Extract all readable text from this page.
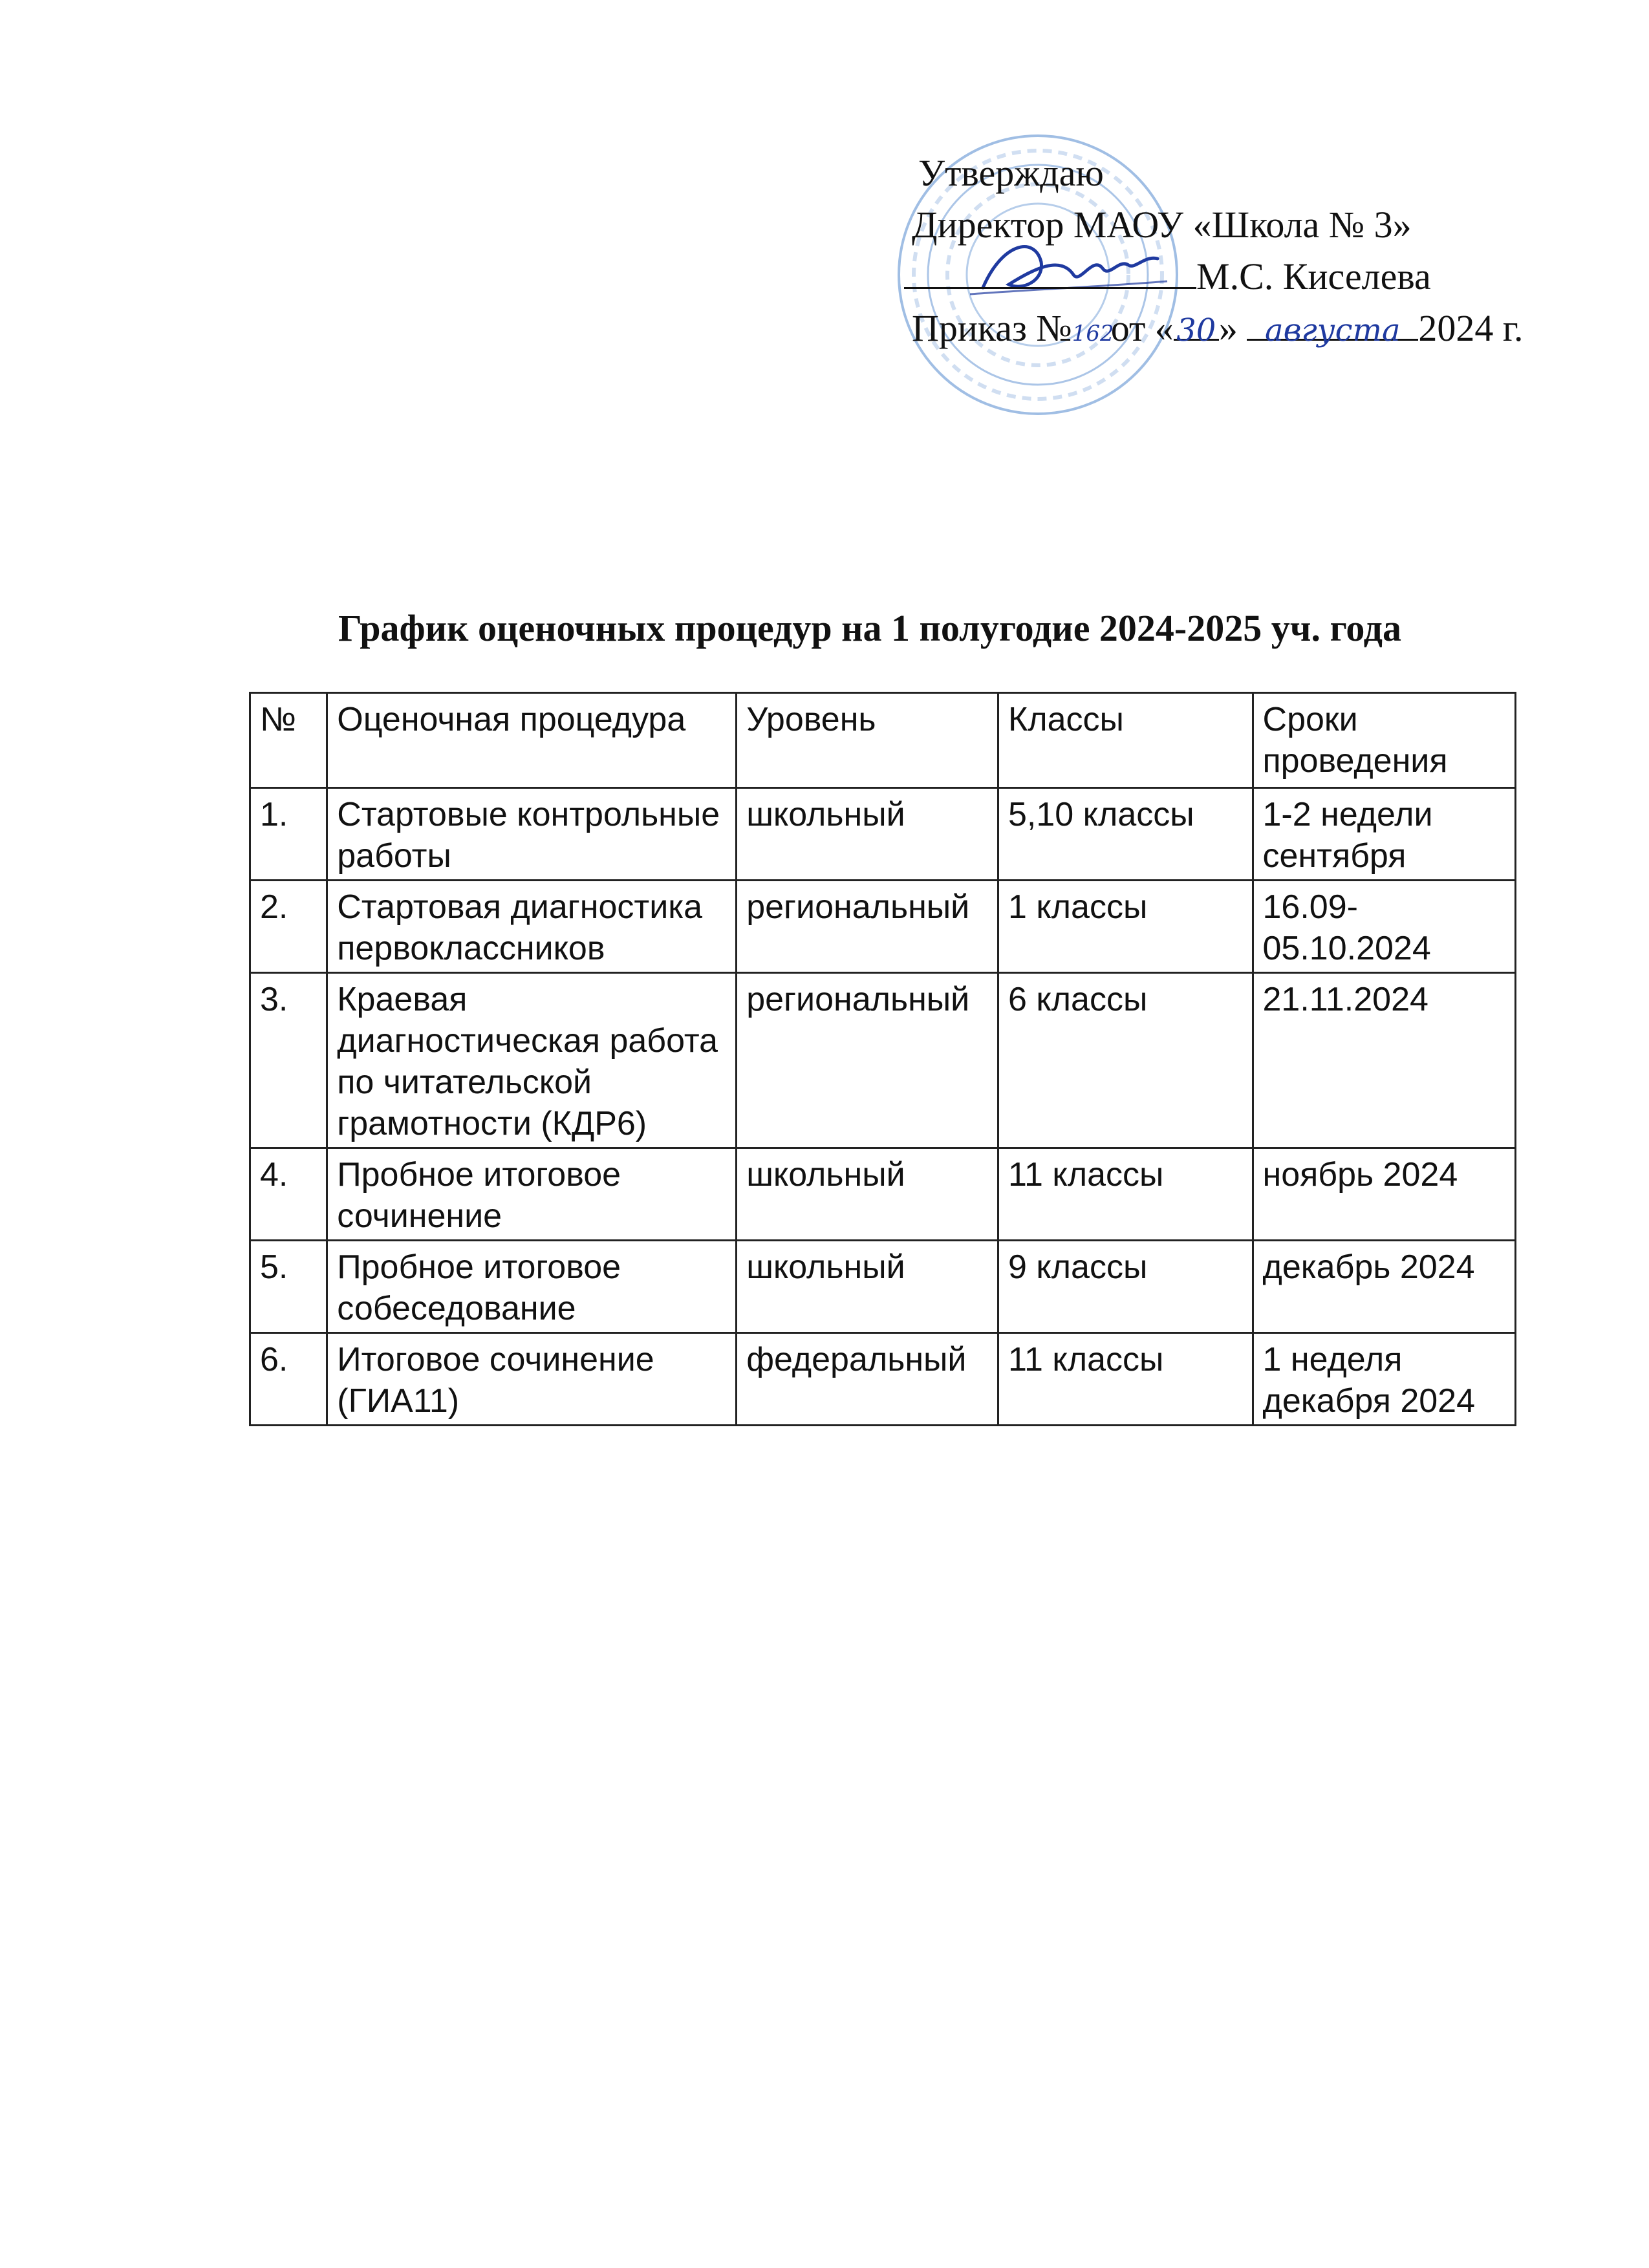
Утверждаю
Директор МАОУ «Школа № 3»
М.С. Киселева
Приказ №162от «30» августа 2024 г.
График оценочных процедур на 1 полугодие 2024-2025 уч. года
№	Оценочная процедура	Уровень	Классы	Сроки проведения
1.	Стартовые контрольные работы	школьный	5,10 классы	1-2 недели сентября
2.	Стартовая диагностика первоклассников	региональный	1 классы	16.09-05.10.2024
3.	Краевая диагностическая работа по читательской грамотности (КДР6)	региональный	6 классы	21.11.2024
4.	Пробное итоговое сочинение	школьный	11 классы	ноябрь 2024
5.	Пробное итоговое собеседование	школьный	9 классы	декабрь 2024
6.	Итоговое сочинение (ГИА11)	федеральный	11 классы	1 неделя декабря 2024
